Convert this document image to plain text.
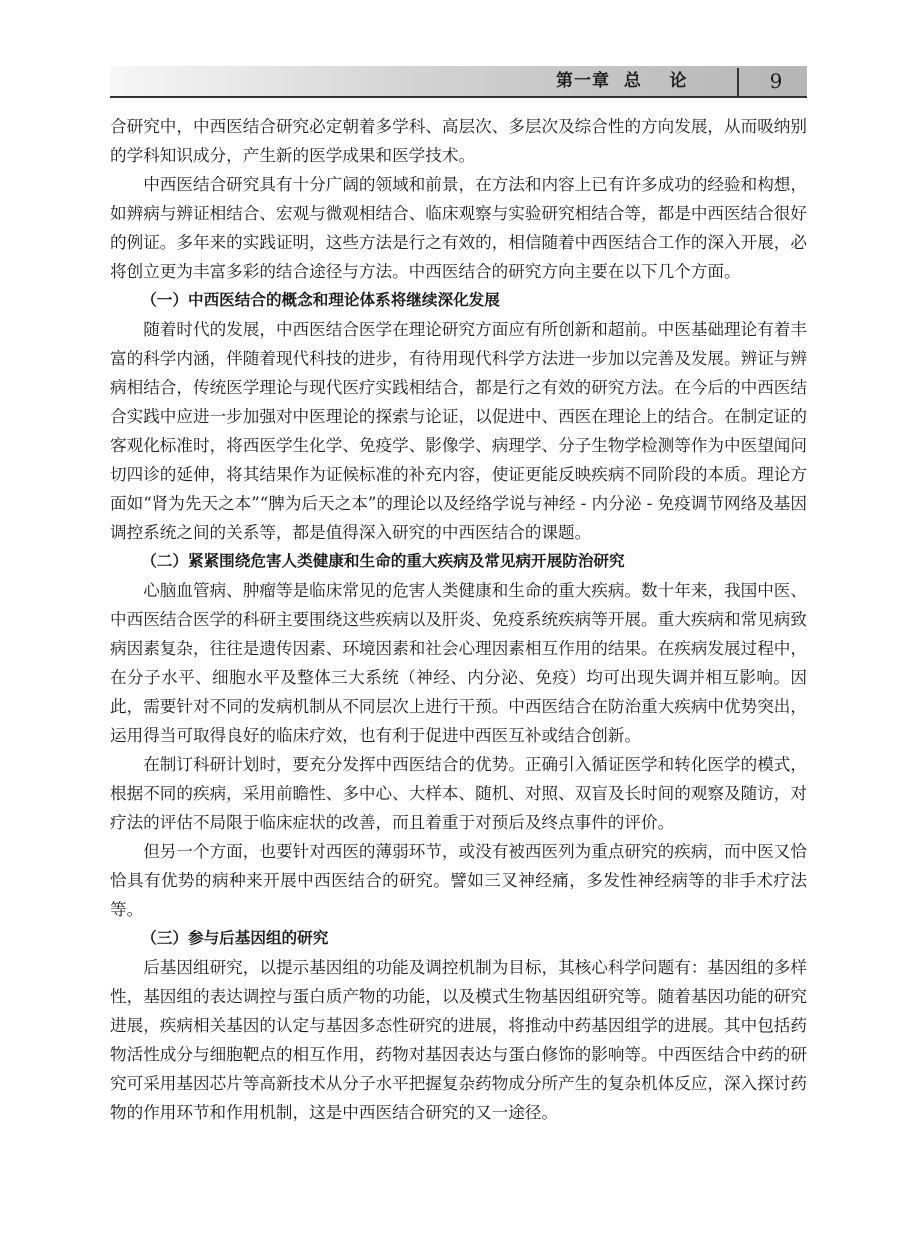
第一章  总    论	9

合研究中，中西医结合研究必定朝着多学科、高层次、多层次及综合性的方向发展，从而吸纳别的学科知识成分，产生新的医学成果和医学技术。

中西医结合研究具有十分广阔的领域和前景，在方法和内容上已有许多成功的经验和构想，如辨病与辨证相结合、宏观与微观相结合、临床观察与实验研究相结合等，都是中西医结合很好的例证。多年来的实践证明，这些方法是行之有效的，相信随着中西医结合工作的深入开展，必将创立更为丰富多彩的结合途径与方法。中西医结合的研究方向主要在以下几个方面。

（一）中西医结合的概念和理论体系将继续深化发展

随着时代的发展，中西医结合医学在理论研究方面应有所创新和超前。中医基础理论有着丰富的科学内涵，伴随着现代科技的进步，有待用现代科学方法进一步加以完善及发展。辨证与辨病相结合，传统医学理论与现代医疗实践相结合，都是行之有效的研究方法。在今后的中西医结合实践中应进一步加强对中医理论的探索与论证，以促进中、西医在理论上的结合。在制定证的客观化标准时，将西医学生化学、免疫学、影像学、病理学、分子生物学检测等作为中医望闻问切四诊的延伸，将其结果作为证候标准的补充内容，使证更能反映疾病不同阶段的本质。理论方面如“肾为先天之本”“脾为后天之本”的理论以及经络学说与神经 - 内分泌 - 免疫调节网络及基因调控系统之间的关系等，都是值得深入研究的中西医结合的课题。

（二）紧紧围绕危害人类健康和生命的重大疾病及常见病开展防治研究

心脑血管病、肿瘤等是临床常见的危害人类健康和生命的重大疾病。数十年来，我国中医、中西医结合医学的科研主要围绕这些疾病以及肝炎、免疫系统疾病等开展。重大疾病和常见病致病因素复杂，往往是遗传因素、环境因素和社会心理因素相互作用的结果。在疾病发展过程中，在分子水平、细胞水平及整体三大系统（神经、内分泌、免疫）均可出现失调并相互影响。因此，需要针对不同的发病机制从不同层次上进行干预。中西医结合在防治重大疾病中优势突出，运用得当可取得良好的临床疗效，也有利于促进中西医互补或结合创新。

在制订科研计划时，要充分发挥中西医结合的优势。正确引入循证医学和转化医学的模式，根据不同的疾病，采用前瞻性、多中心、大样本、随机、对照、双盲及长时间的观察及随访，对疗法的评估不局限于临床症状的改善，而且着重于对预后及终点事件的评价。

但另一个方面，也要针对西医的薄弱环节，或没有被西医列为重点研究的疾病，而中医又恰恰具有优势的病种来开展中西医结合的研究。譬如三叉神经痛，多发性神经病等的非手术疗法等。

（三）参与后基因组的研究

后基因组研究，以提示基因组的功能及调控机制为目标，其核心科学问题有：基因组的多样性，基因组的表达调控与蛋白质产物的功能，以及模式生物基因组研究等。随着基因功能的研究进展，疾病相关基因的认定与基因多态性研究的进展，将推动中药基因组学的进展。其中包括药物活性成分与细胞靶点的相互作用，药物对基因表达与蛋白修饰的影响等。中西医结合中药的研究可采用基因芯片等高新技术从分子水平把握复杂药物成分所产生的复杂机体反应，深入探讨药物的作用环节和作用机制，这是中西医结合研究的又一途径。
